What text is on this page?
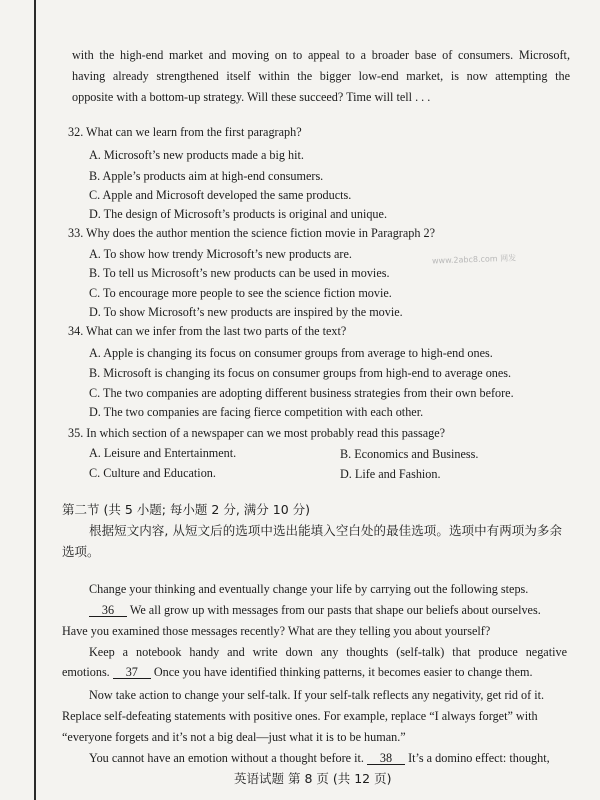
with the high-end market and moving on to appeal to a broader base of consumers. Microsoft,
having already strengthened itself within the bigger low-end market, is now attempting the
opposite with a bottom-up strategy. Will these succeed? Time will tell . . .
32. What can we learn from the first paragraph?
A. Microsoft’s new products made a big hit.
B. Apple’s products aim at high-end consumers.
C. Apple and Microsoft developed the same products.
D. The design of Microsoft’s products is original and unique.
33. Why does the author mention the science fiction movie in Paragraph 2?
A. To show how trendy Microsoft’s new products are.
B. To tell us Microsoft’s new products can be used in movies.
C. To encourage more people to see the science fiction movie.
D. To show Microsoft’s new products are inspired by the movie.
34. What can we infer from the last two parts of the text?
A. Apple is changing its focus on consumer groups from average to high-end ones.
B. Microsoft is changing its focus on consumer groups from high-end to average ones.
C. The two companies are adopting different business strategies from their own before.
D. The two companies are facing fierce competition with each other.
35. In which section of a newspaper can we most probably read this passage?
A. Leisure and Entertainment.	B. Economics and Business.
C. Culture and Education.	D. Life and Fashion.
第二节 (共 5 小题; 每小题 2 分, 满分 10 分)
根据短文内容, 从短文后的选项中选出能填入空白处的最佳选项。选项中有两项为多余
选项。
Change your thinking and eventually change your life by carrying out the following steps.
36 We all grow up with messages from our pasts that shape our beliefs about ourselves.
Have you examined those messages recently? What are they telling you about yourself?
Keep a notebook handy and write down any thoughts (self-talk) that produce negative
emotions. 37 Once you have identified thinking patterns, it becomes easier to change them.
Now take action to change your self-talk. If your self-talk reflects any negativity, get rid of it.
Replace self-defeating statements with positive ones. For example, replace “I always forget” with
“everyone forgets and it’s not a big deal—just what it is to be human.”
You cannot have an emotion without a thought before it. 38 It’s a domino effect: thought,
英语试题 第 8 页 (共 12 页)
www.2abc8.com 网发
